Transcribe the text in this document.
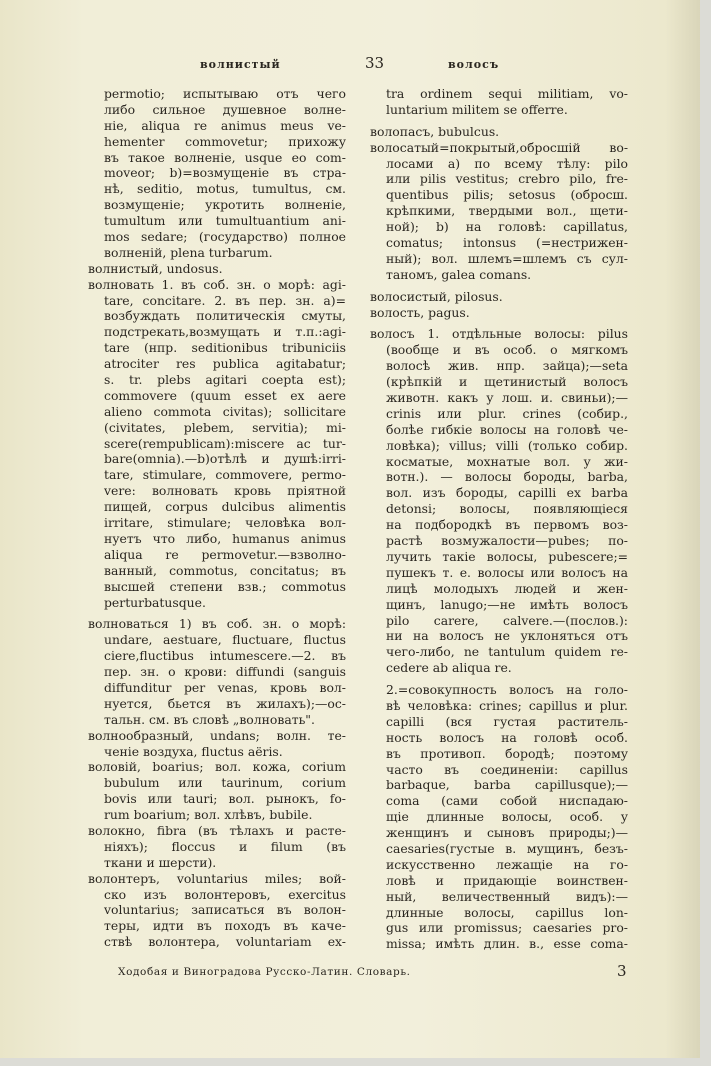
волнистый	33	волосъ
permotio; испытываю отъ чего
либо сильное душевное волне-
ніе, aliqua re animus meus ve-
hementer commovetur; прихожу
въ такое волненіе, usque eo com-
moveor; b)=возмущеніе въ стра-
нѣ, seditio, motus, tumultus, см.
возмущеніе; укротить волненіе,
tumultum или tumultuantium ani-
mos sedare; (государство) полное
волненій, plena turbarum.
волнистый, undosus.
волновать 1. въ соб. зн. о морѣ: agi-
tare, concitare. 2. въ пер. зн. a)=
возбуждать политическія смуты,
подстрекать,возмущать и т.п.:agi-
tare (нпр. seditionibus tribuniciis
atrociter res publica agitabatur;
s. tr. plebs agitari coepta est);
commovere (quum esset ex aere
alieno commota civitas); sollicitare
(civitates, plebem, servitia); mi-
scere(rempublicam):miscere ac tur-
bare(omnia).—b)отѣлѣ и душѣ:irri-
tare, stimulare, commovere, permo-
vere: волновать кровь пріятной
пищей, corpus dulcibus alimentis
irritare, stimulare; человѣка вол-
нуетъ что либо, humanus animus
aliqua re permovetur.—взволно-
ванный, commotus, concitatus; въ
высшей степени взв.; commotus
perturbatusque.
волноваться 1) въ соб. зн. о морѣ:
undare, aestuare, fluctuare, fluctus
ciere,fluctibus intumescere.—2. въ
пер. зн. о крови: diffundi (sanguis
diffunditur per venas, кровь вол-
нуется, бьется въ жилахъ);—ос-
тальн. см. въ словѣ „волновать".
волнообразный, undans; волн. те-
ченіе воздуха, fluctus aëris.
воловій, boarius; вол. кожа, corium
bubulum или taurinum, corium
bovis или tauri; вол. рынокъ, fo-
rum boarium; вол. хлѣвъ, bubile.
волокно, fibra (въ тѣлахъ и расте-
ніяхъ); floccus и filum (въ
ткани и шерсти).
волонтеръ, voluntarius miles; вой-
ско изъ волонтеровъ, exercitus
voluntarius; записаться въ волон-
теры, идти въ походъ въ каче-
ствѣ волонтера, voluntariam ex-
tra ordinem sequi militiam, vo-
luntarium militem se offerre.
волопасъ, bubulcus.
волосатый=покрытый,обросшій во-
лосами a) по всему тѣлу: pilo
или pilis vestitus; crebro pilo, fre-
quentibus pilis; setosus (оброcш.
крѣпкими, твердыми вол., щети-
ной); b) на головѣ: capillatus,
comatus; intonsus (=нестрижен-
ный); вол. шлемъ=шлемъ съ сул-
таномъ, galea comans.
волосистый, pilosus.
волость, pagus.
волосъ 1. отдѣльные волосы: pilus
(вообще и въ особ. о мягкомъ
волосѣ жив. нпр. зайца);—seta
(крѣпкій и щетинистый волосъ
животн. какъ у лош. и. свиньи);—
crinis или plur. crines (собир.,
болѣе гибкіе волосы на головѣ че-
ловѣка); villus; villi (только собир.
косматые, мохнатые вол. у жи-
вотн.). — волосы бороды, barba,
вол. изъ бороды, capilli ex barba
detonsi; волосы, появляющіеся
на подбородкѣ въ первомъ воз-
растѣ возмужалости—pubes; по-
лучить такіе волосы, pubescere;=
пушекъ т. е. волосы или волосъ на
лицѣ молодыхъ людей и жен-
щинъ, lanugo;—не имѣть волосъ
pilo carere, calvere.—(послов.):
ни на волосъ не уклоняться отъ
чего-либо, ne tantulum quidem re-
cedere ab aliqua re.
2.=совокупность волосъ на голо-
вѣ человѣка: crines; capillus и plur.
capilli (вся густая раститель-
ность волосъ на головѣ особ.
въ противоп. бородѣ; поэтому
часто въ соединеніи: capillus
barbaque, barba capillusque);—
coma (сами собой ниспадаю-
щіе длинные волосы, особ. у
женщинъ и сыновъ природы;)—
caesaries(густые в. мущинъ, безъ-
искусственно лежащіе на го-
ловѣ и придающіе воинствен-
ный, величественный видъ):—
длинные волосы, capillus lon-
gus или promissus; caesaries pro-
missa; имѣть длин. в., esse coma-
Ходобая и Виноградова Русско-Латин. Словарь.	3
